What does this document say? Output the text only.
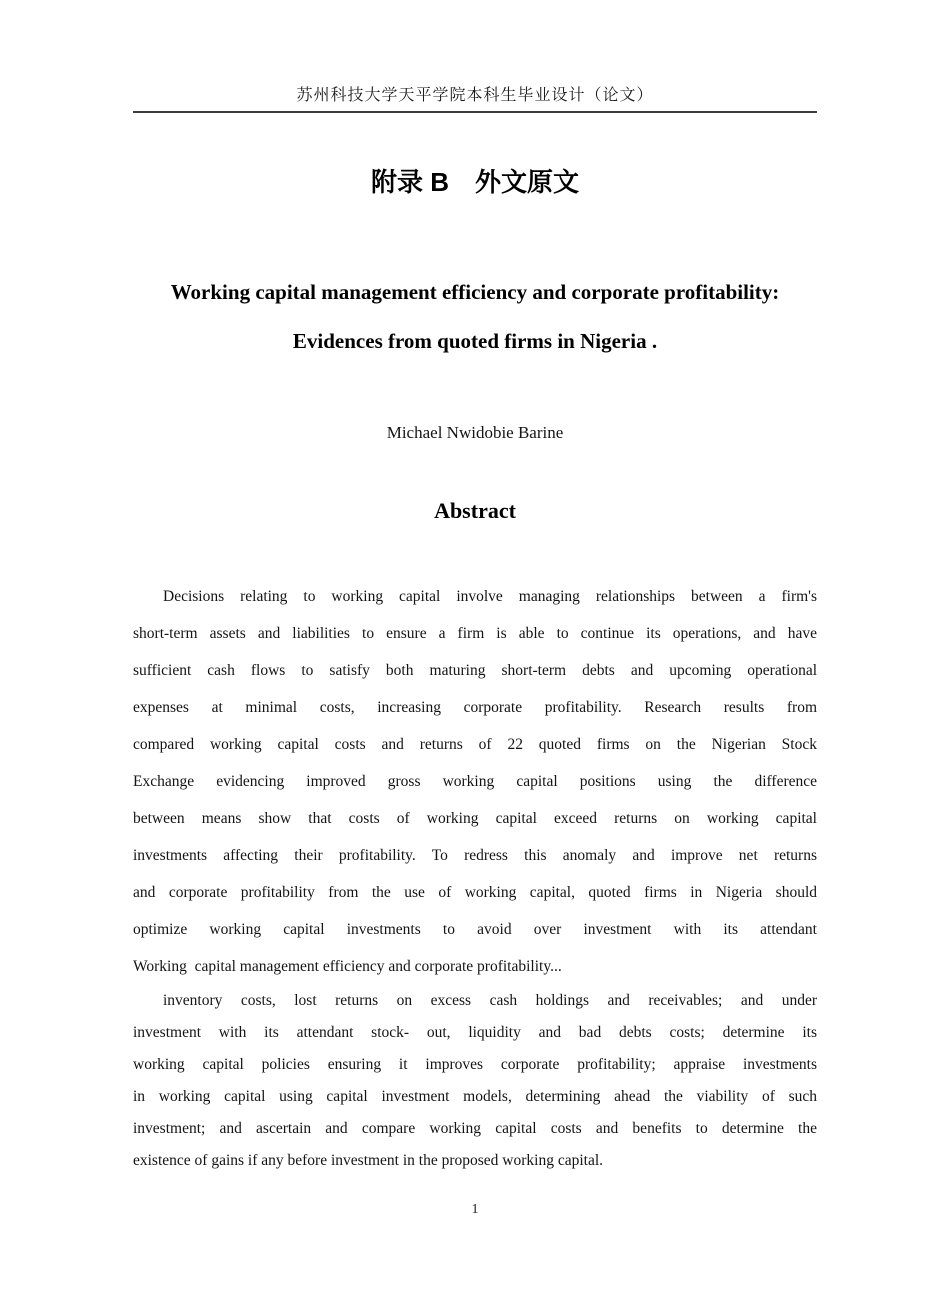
苏州科技大学天平学院本科生毕业设计（论文）
附录 B　外文原文
Working capital management efficiency and corporate profitability:
Evidences from quoted firms in Nigeria .
Michael Nwidobie Barine
Abstract
Decisions relating to working capital involve managing relationships between a firm's
short-term assets and liabilities to ensure a firm is able to continue its operations, and have
sufficient cash flows to satisfy both maturing short-term debts and upcoming operational
expenses at minimal costs, increasing corporate profitability. Research results from
compared working capital costs and returns of 22 quoted firms on the Nigerian Stock
Exchange evidencing improved gross working capital positions using the difference
between means show that costs of working capital exceed returns on working capital
investments affecting their profitability. To redress this anomaly and improve net returns
and corporate profitability from the use of working capital, quoted firms in Nigeria should
optimize working capital investments to avoid over investment with its attendant
Working  capital management efficiency and corporate profitability...
inventory costs, lost returns on excess cash holdings and receivables; and under
investment with its attendant stock- out, liquidity and bad debts costs; determine its
working capital policies ensuring it improves corporate profitability; appraise investments
in working capital using capital investment models, determining ahead the viability of such
investment; and ascertain and compare working capital costs and benefits to determine the
existence of gains if any before investment in the proposed working capital.
1
